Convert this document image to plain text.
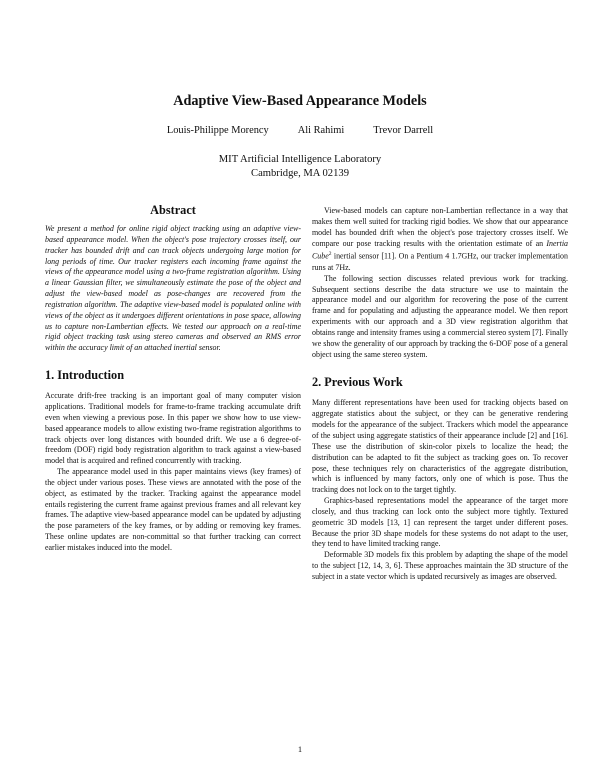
Adaptive View-Based Appearance Models
Louis-Philippe Morency	Ali Rahimi	Trevor Darrell
MIT Artificial Intelligence Laboratory
Cambridge, MA 02139
Abstract

We present a method for online rigid object tracking using an adaptive view-based appearance model. When the object's pose trajectory crosses itself, our tracker has bounded drift and can track objects undergoing large motion for long periods of time. Our tracker registers each incoming frame against the views of the appearance model using a two-frame registration algorithm. Using a linear Gaussian filter, we simultaneously estimate the pose of the object and adjust the view-based model as pose-changes are recovered from the registration algorithm. The adaptive view-based model is populated online with views of the object as it undergoes different orientations in pose space, allowing us to capture non-Lambertian effects. We tested our approach on a real-time rigid object tracking task using stereo cameras and observed an RMS error within the accuracy limit of an attached inertial sensor.

1. Introduction

Accurate drift-free tracking is an important goal of many computer vision applications. Traditional models for frame-to-frame tracking accumulate drift even when viewing a previous pose. In this paper we show how to use view-based appearance models to allow existing two-frame registration algorithms to track objects over long distances with bounded drift. We use a 6 degree-of-freedom (DOF) rigid body registration algorithm to track against a view-based model that is acquired and refined concurrently with tracking.

The appearance model used in this paper maintains views (key frames) of the object under various poses. These views are annotated with the pose of the object, as estimated by the tracker. Tracking against the appearance model entails registering the current frame against previous frames and all relevant key frames. The adaptive view-based appearance model can be updated by adjusting the pose parameters of the key frames, or by adding or removing key frames. These online updates are non-committal so that further tracking can correct earlier mistakes induced into the model.

View-based models can capture non-Lambertian reflectance in a way that makes them well suited for tracking rigid bodies. We show that our appearance model has bounded drift when the object's pose trajectory crosses itself. We compare our pose tracking results with the orientation estimate of an Inertia Cube$^2$ inertial sensor [11]. On a Pentium 4 1.7GHz, our tracker implementation runs at 7Hz.

The following section discusses related previous work for tracking. Subsequent sections describe the data structure we use to maintain the appearance model and our algorithm for recovering the pose of the current frame and for populating and adjusting the appearance model. We then report experiments with our approach and a 3D view registration algorithm that obtains range and intensity frames using a commercial stereo system [7]. Finally we show the generality of our approach by tracking the 6-DOF pose of a general object using the same stereo system.

2. Previous Work

Many different representations have been used for tracking objects based on aggregate statistics about the subject, or they can be generative rendering models for the appearance of the subject. Trackers which model the appearance of the subject using aggregate statistics of their appearance include [2] and [16]. These use the distribution of skin-color pixels to localize the head; the distribution can be adapted to fit the subject as tracking goes on. To recover pose, these techniques rely on characteristics of the aggregate distribution, which is influenced by many factors, only one of which is pose. Thus the tracking does not lock on to the target tightly.

Graphics-based representations model the appearance of the target more closely, and thus tracking can lock onto the subject more tightly. Textured geometric 3D models [13, 1] can represent the target under different poses. Because the prior 3D shape models for these systems do not adapt to the user, they tend to have limited tracking range.

Deformable 3D models fix this problem by adapting the shape of the model to the subject [12, 14, 3, 6]. These approaches maintain the 3D structure of the subject in a state vector which is updated recursively as images are observed.

1
